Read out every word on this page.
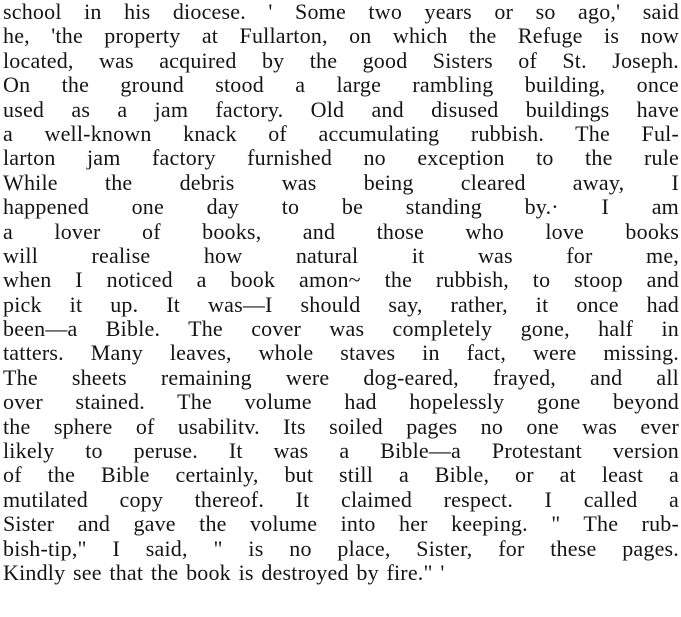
school in his diocese. ' Some two years or so ago,' said
he, 'the property at Fullarton, on which the Refuge is now
located, was acquired by the good Sisters of St. Joseph.
On the ground stood a large rambling building, once
used as a jam factory. Old and disused buildings have
a well-known knack of accumulating rubbish. The Ful-
larton jam factory furnished no exception to the rule
While the debris was being cleared away, I
happened one day to be standing by.· I am
a lover of books, and those who love books
will realise how natural it was for me,
when I noticed a book amon~ the rubbish, to stoop and
pick it up. It was—I should say, rather, it once had
been—a Bible. The cover was completely gone, half in
tatters. Many leaves, whole staves in fact, were missing.
The sheets remaining were dog-eared, frayed, and all
over stained. The volume had hopelessly gone beyond
the sphere of usabilitv. Its soiled pages no one was ever
likely to peruse. It was a Bible—a Protestant version
of the Bible certainly, but still a Bible, or at least a
mutilated copy thereof. It claimed respect. I called a
Sister and gave the volume into her keeping. " The rub-
bish-tip," I said, " is no place, Sister, for these pages.
Kindly see that the book is destroyed by fire." '
